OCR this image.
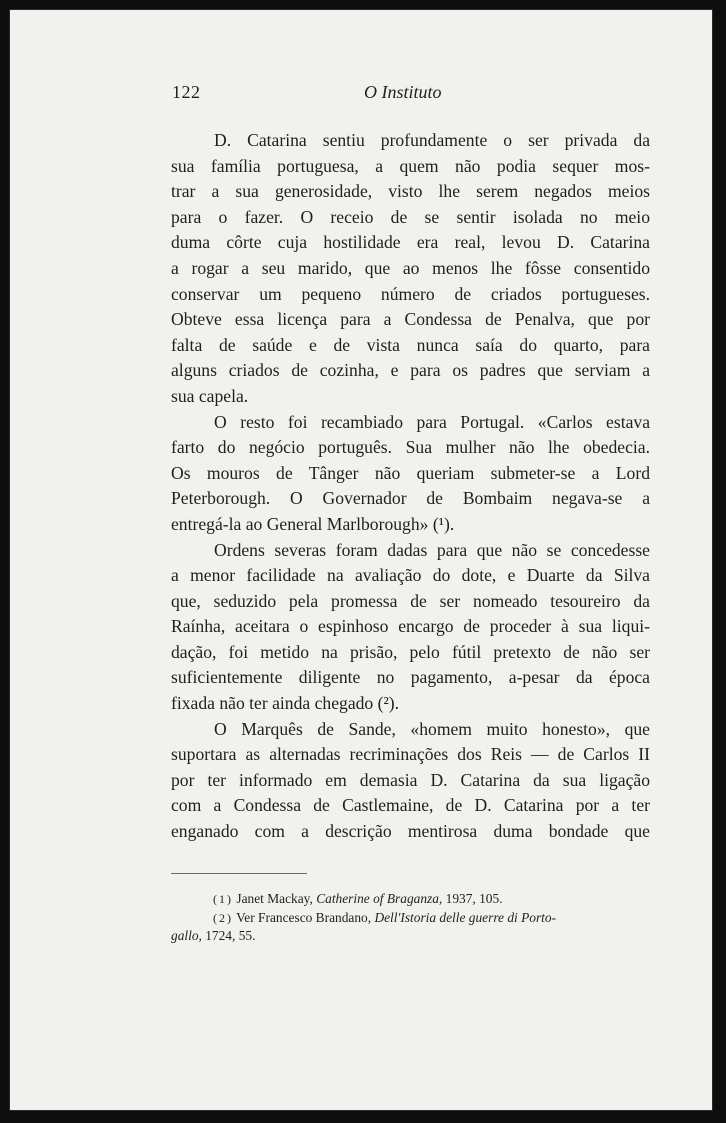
122	O Instituto
D. Catarina sentiu profundamente o ser privada da
sua família portuguesa, a quem não podia sequer mos-
trar a sua generosidade, visto lhe serem negados meios
para o fazer. O receio de se sentir isolada no meio
duma côrte cuja hostilidade era real, levou D. Catarina
a rogar a seu marido, que ao menos lhe fôsse consentido
conservar um pequeno número de criados portugueses.
Obteve essa licença para a Condessa de Penalva, que por
falta de saúde e de vista nunca saía do quarto, para
alguns criados de cozinha, e para os padres que serviam a
sua capela.
O resto foi recambiado para Portugal. «Carlos estava
farto do negócio português. Sua mulher não lhe obedecia.
Os mouros de Tânger não queriam submeter-se a Lord
Peterborough. O Governador de Bombaim negava-se a
entregá-la ao General Marlborough» (¹).
Ordens severas foram dadas para que não se concedesse
a menor facilidade na avaliação do dote, e Duarte da Silva
que, seduzido pela promessa de ser nomeado tesoureiro da
Raínha, aceitara o espinhoso encargo de proceder à sua liqui-
dação, foi metido na prisão, pelo fútil pretexto de não ser
suficientemente diligente no pagamento, a-pesar da época
fixada não ter ainda chegado (²).
O Marquês de Sande, «homem muito honesto», que
suportara as alternadas recriminações dos Reis — de Carlos II
por ter informado em demasia D. Catarina da sua ligação
com a Condessa de Castlemaine, de D. Catarina por a ter
enganado com a descrição mentirosa duma bondade que
(1) Janet Mackay, Catherine of Braganza, 1937, 105.
(2) Ver Francesco Brandano, Dell'Istoria delle guerre di Porto-
gallo, 1724, 55.
